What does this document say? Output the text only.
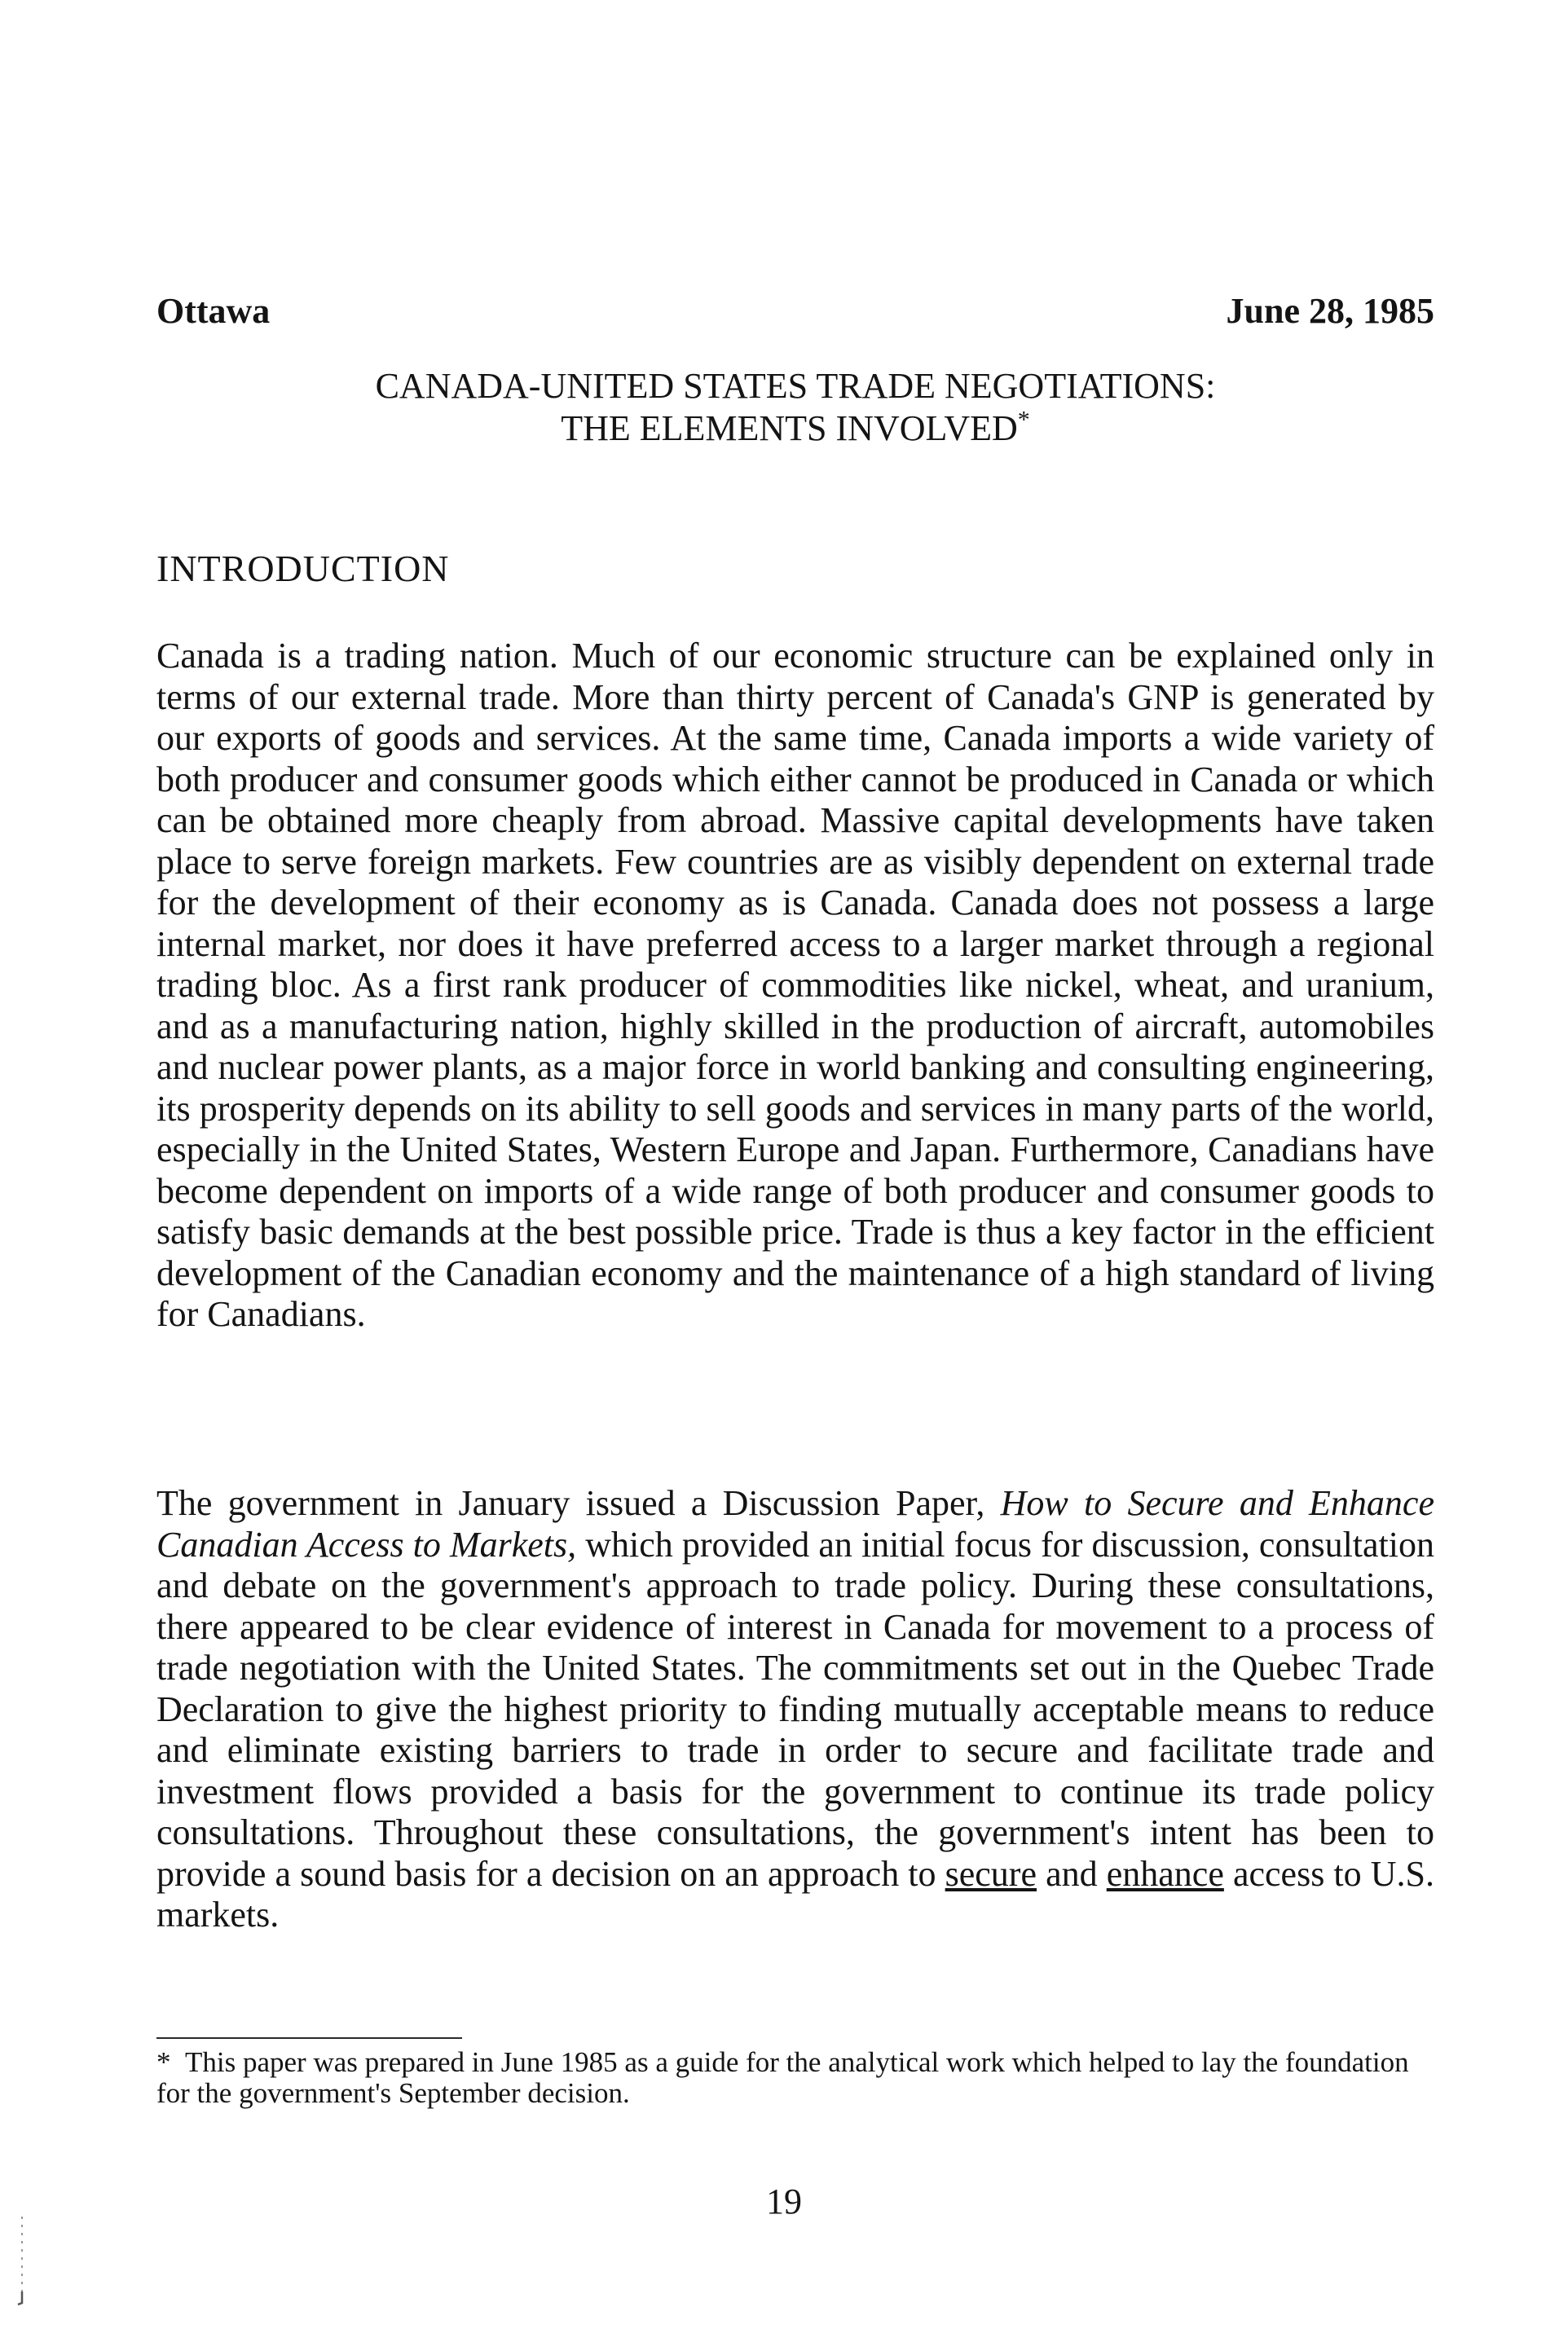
Ottawa	June 28, 1985
CANADA-UNITED STATES TRADE NEGOTIATIONS:
THE ELEMENTS INVOLVED*
INTRODUCTION

Canada is a trading nation. Much of our economic structure can be explained only in terms of our external trade. More than thirty percent of Canada's GNP is generated by our exports of goods and services. At the same time, Canada imports a wide variety of both producer and consumer goods which either cannot be produced in Canada or which can be obtained more cheaply from abroad. Massive capital developments have taken place to serve foreign markets. Few countries are as visibly dependent on external trade for the development of their economy as is Canada. Canada does not possess a large internal market, nor does it have preferred access to a larger market through a regional trading bloc. As a first rank producer of commodities like nickel, wheat, and uranium, and as a manufacturing nation, highly skilled in the production of aircraft, automobiles and nuclear power plants, as a major force in world banking and consulting engineering, its prosperity depends on its ability to sell goods and services in many parts of the world, especially in the United States, Western Europe and Japan. Furthermore, Canadians have become dependent on imports of a wide range of both producer and consumer goods to satisfy basic demands at the best possible price. Trade is thus a key factor in the efficient development of the Canadian economy and the maintenance of a high standard of living for Canadians.

The government in January issued a Discussion Paper, How to Secure and Enhance Canadian Access to Markets, which provided an initial focus for discussion, consultation and debate on the government's approach to trade policy. During these consultations, there appeared to be clear evidence of interest in Canada for movement to a process of trade negotiation with the United States. The commitments set out in the Quebec Trade Declaration to give the highest priority to finding mutually acceptable means to reduce and eliminate existing barriers to trade in order to secure and facilitate trade and investment flows provided a basis for the government to continue its trade policy consultations. Throughout these consultations, the government's intent has been to provide a sound basis for a decision on an approach to secure and enhance access to U.S. markets.

* This paper was prepared in June 1985 as a guide for the analytical work which helped to lay the foundation for the government's September decision.

19
